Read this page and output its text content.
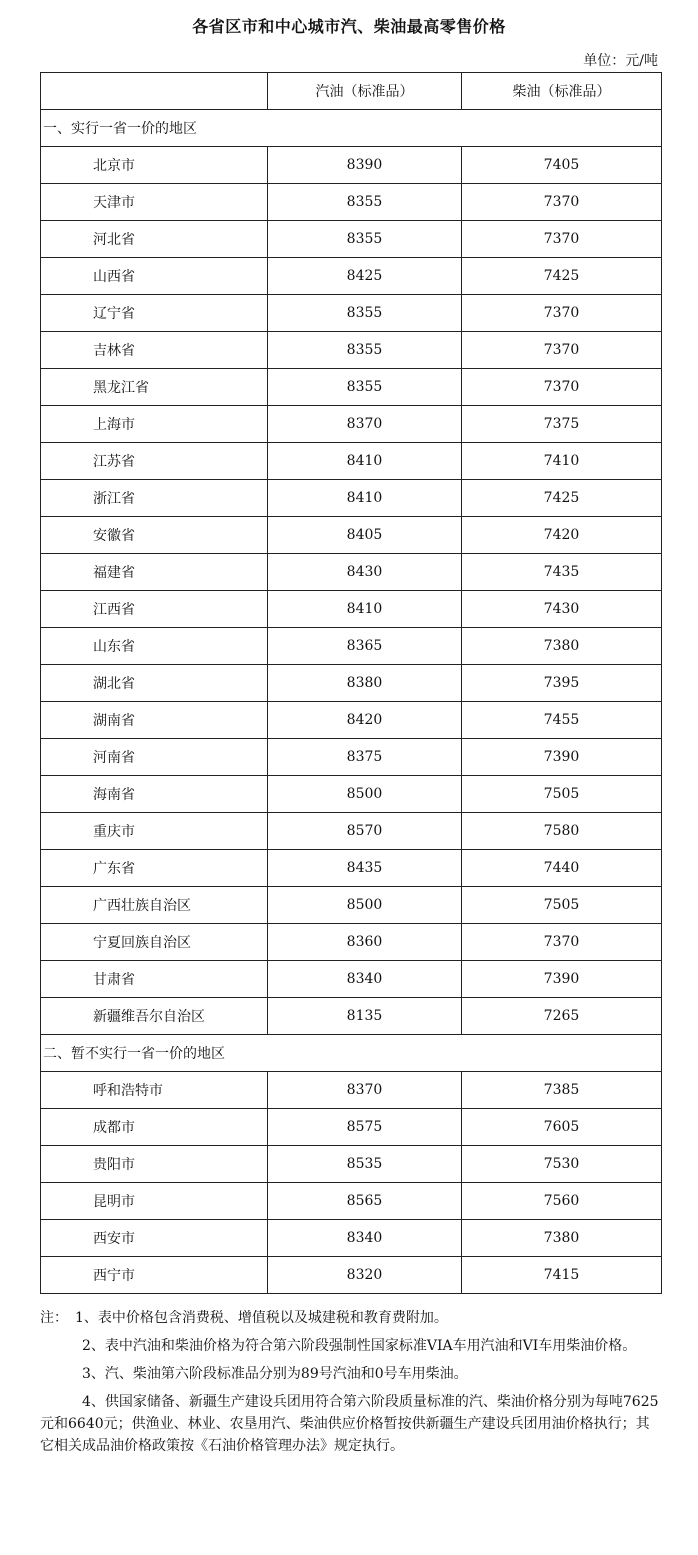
各省区市和中心城市汽、柴油最高零售价格
单位：元/吨
	汽油（标准品）	柴油（标准品）
一、实行一省一价的地区		
北京市	8390	7405
天津市	8355	7370
河北省	8355	7370
山西省	8425	7425
辽宁省	8355	7370
吉林省	8355	7370
黑龙江省	8355	7370
上海市	8370	7375
江苏省	8410	7410
浙江省	8410	7425
安徽省	8405	7420
福建省	8430	7435
江西省	8410	7430
山东省	8365	7380
湖北省	8380	7395
湖南省	8420	7455
河南省	8375	7390
海南省	8500	7505
重庆市	8570	7580
广东省	8435	7440
广西壮族自治区	8500	7505
宁夏回族自治区	8360	7370
甘肃省	8340	7390
新疆维吾尔自治区	8135	7265
二、暂不实行一省一价的地区		
呼和浩特市	8370	7385
成都市	8575	7605
贵阳市	8535	7530
昆明市	8565	7560
西安市	8340	7380
西宁市	8320	7415

注：　1、表中价格包含消费税、增值税以及城建税和教育费附加。

2、表中汽油和柴油价格为符合第六阶段强制性国家标准VIA车用汽油和VI车用柴油价格。

3、汽、柴油第六阶段标准品分别为89号汽油和0号车用柴油。

4、供国家储备、新疆生产建设兵团用符合第六阶段质量标准的汽、柴油价格分别为每吨7625元和6640元；供渔业、林业、农垦用汽、柴油供应价格暂按供新疆生产建设兵团用油价格执行；其它相关成品油价格政策按《石油价格管理办法》规定执行。
